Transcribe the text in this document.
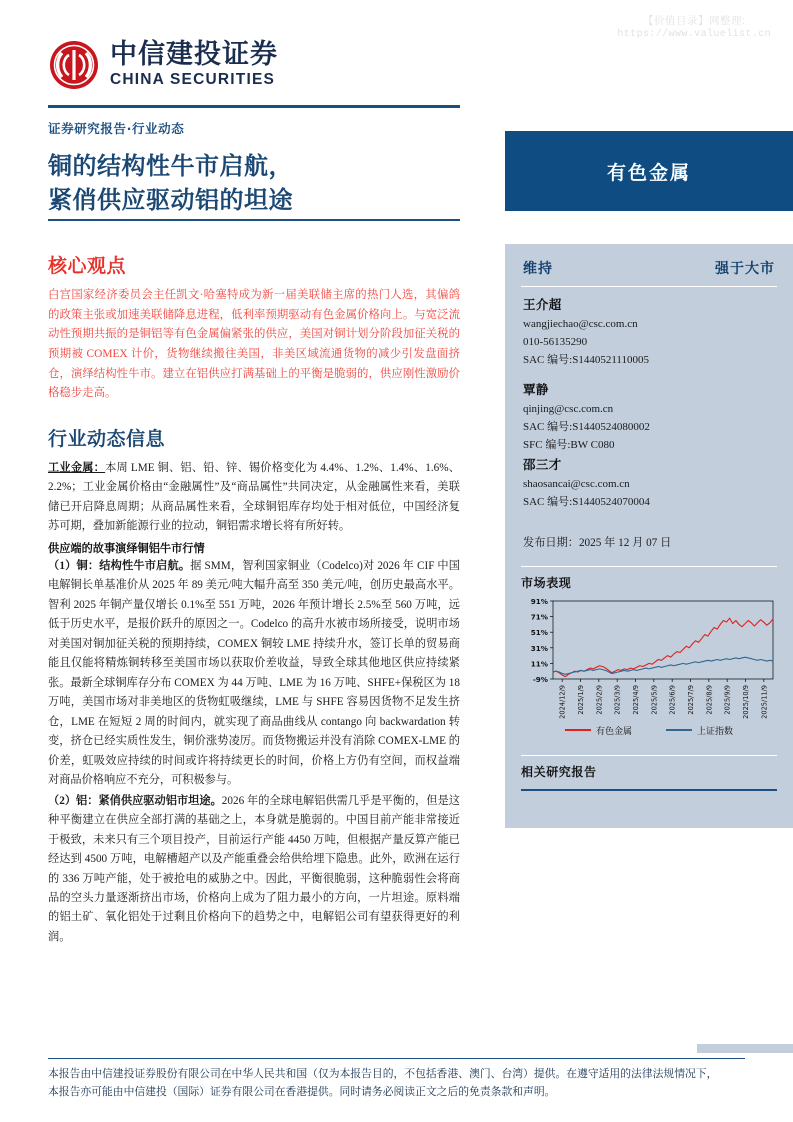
【价值目录】网整理:
https://www.valuelist.cn
中信建投证券
CHINA SECURITIES
证券研究报告·行业动态
铜的结构性牛市启航，
紧俏供应驱动铝的坦途
核心观点

白宫国家经济委员会主任凯文·哈塞特成为新一届美联储主席的热门人选，其偏鸽的政策主张或加速美联储降息进程，低利率预期驱动有色金属价格向上。与宽泛流动性预期共振的是铜铝等有色金属偏紧张的供应，美国对铜计划分阶段加征关税的预期被 COMEX 计价，货物继续搬往美国，非美区域流通货物的减少引发盘面挤仓，演绎结构性牛市。建立在铝供应打满基础上的平衡是脆弱的，供应刚性激励价格稳步走高。

行业动态信息

工业金属：本周 LME 铜、铝、铅、锌、锡价格变化为 4.4%、1.2%、1.4%、1.6%、2.2%；工业金属价格由“金融属性”及“商品属性”共同决定，从金融属性来看，美联储已开启降息周期；从商品属性来看，全球铜铝库存均处于相对低位，中国经济复苏可期，叠加新能源行业的拉动，铜铝需求增长将有所好转。

供应端的故事演绎铜铝牛市行情

（1）铜：结构性牛市启航。据 SMM，智利国家铜业（Codelco)对 2026 年 CIF 中国电解铜长单基准价从 2025 年 89 美元/吨大幅升高至 350 美元/吨，创历史最高水平。智利 2025 年铜产量仅增长 0.1%至 551 万吨，2026 年预计增长 2.5%至 560 万吨，远低于历史水平，是报价跃升的原因之一。Codelco 的高升水被市场所接受，说明市场对美国对铜加征关税的预期持续，COMEX 铜较 LME 持续升水，签订长单的贸易商能且仅能将精炼铜转移至美国市场以获取价差收益，导致全球其他地区供应持续紧张。最新全球铜库存分布 COMEX 为 44 万吨、LME 为 16 万吨、SHFE+保税区为 18 万吨，美国市场对非美地区的货物虹吸继续，LME 与 SHFE 容易因货物不足发生挤仓，LME 在短短 2 周的时间内，就实现了商品曲线从 contango 向 backwardation 转变，挤仓已经实质性发生，铜价涨势凌厉。而货物搬运并没有消除 COMEX-LME 的价差，虹吸效应持续的时间或许将持续更长的时间，价格上方仍有空间，而权益端对商品价格响应不充分，可积极参与。

（2）铝：紧俏供应驱动铝市坦途。2026 年的全球电解铝供需几乎是平衡的，但是这种平衡建立在供应全部打满的基础之上，本身就是脆弱的。中国目前产能非常接近于极致，未来只有三个项目投产，目前运行产能 4450 万吨，但根据产量反算产能已经达到 4500 万吨，电解槽超产以及产能重叠会给供给埋下隐患。此外，欧洲在运行的 336 万吨产能，处于被抢电的威胁之中。因此，平衡很脆弱，这种脆弱性会将商品的空头力量逐渐挤出市场，价格向上成为了阻力最小的方向，一片坦途。原料端的铝土矿、氧化铝处于过剩且价格向下的趋势之中，电解铝公司有望获得更好的利润。

有色金属
维持	强于大市
王介超
wangjiechao@csc.com.cn
010-56135290
SAC 编号:S1440521110005
覃静
qinjing@csc.com.cn
SAC 编号:S1440524080002
SFC 编号:BW C080
邵三才
shaosancai@csc.com.cn
SAC 编号:S1440524070004
发布日期：2025 年 12 月 07 日
市场表现
-9%
11%
31%
51%
71%
91%
2024/12/9 2025/1/9 2025/2/9 2025/3/9 2025/4/9 2025/5/9 2025/6/9 2025/7/9 2025/8/9 2025/9/9 2025/10/9 2025/11/9
有色金属	上证指数
相关研究报告

本报告由中信建投证券股份有限公司在中华人民共和国（仅为本报告目的，不包括香港、澳门、台湾）提供。在遵守适用的法律法规情况下，

本报告亦可能由中信建投（国际）证券有限公司在香港提供。同时请务必阅读正文之后的免责条款和声明。
